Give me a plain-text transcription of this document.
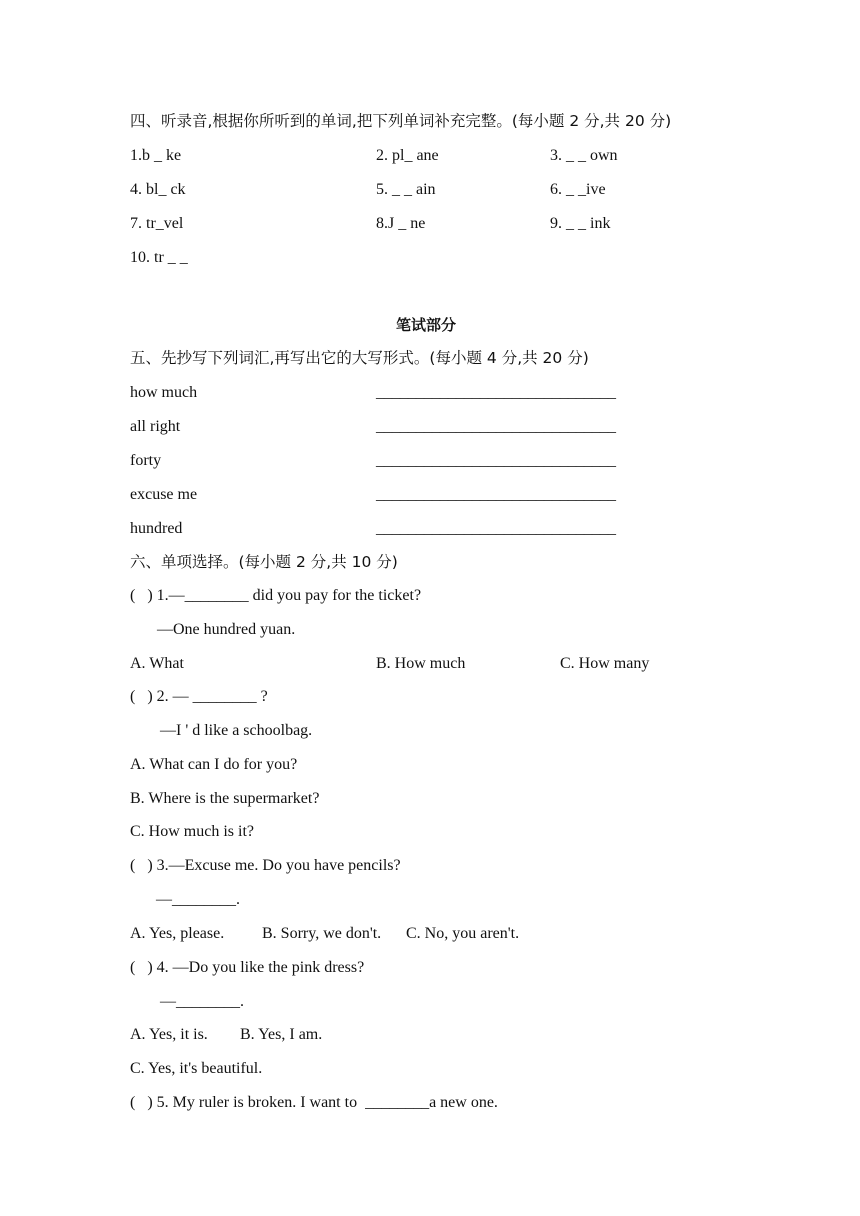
四、听录音,根据你所听到的单词,把下列单词补充完整。(每小题 2 分,共 20 分)
1.b _ ke	2. pl_ ane	3. _ _ own
4. bl_ ck	5. _ _ ain	6. _ _ive
7. tr_vel	8.J _ ne	9. _ _ ink
10. tr _ _
笔试部分
五、先抄写下列词汇,再写出它的大写形式。(每小题 4 分,共 20 分)
how much	______________________________
all right	______________________________
forty	______________________________
excuse me	______________________________
hundred	______________________________
六、单项选择。(每小题 2 分,共 10 分)
(   ) 1.—________ did you pay for the ticket?
—One hundred yuan.
A. What	B. How much	C. How many
(   ) 2. — ________ ?
—I ' d like a schoolbag.
A. What can I do for you?
B. Where is the supermarket?
C. How much is it?
(   ) 3.—Excuse me. Do you have pencils?
—________.
A. Yes, please. B. Sorry, we don't. C. No, you aren't.
(   ) 4. —Do you like the pink dress?
—________.
A. Yes, it is. B. Yes, I am.
C. Yes, it's beautiful.
(   ) 5. My ruler is broken. I want to  ________a new one.
